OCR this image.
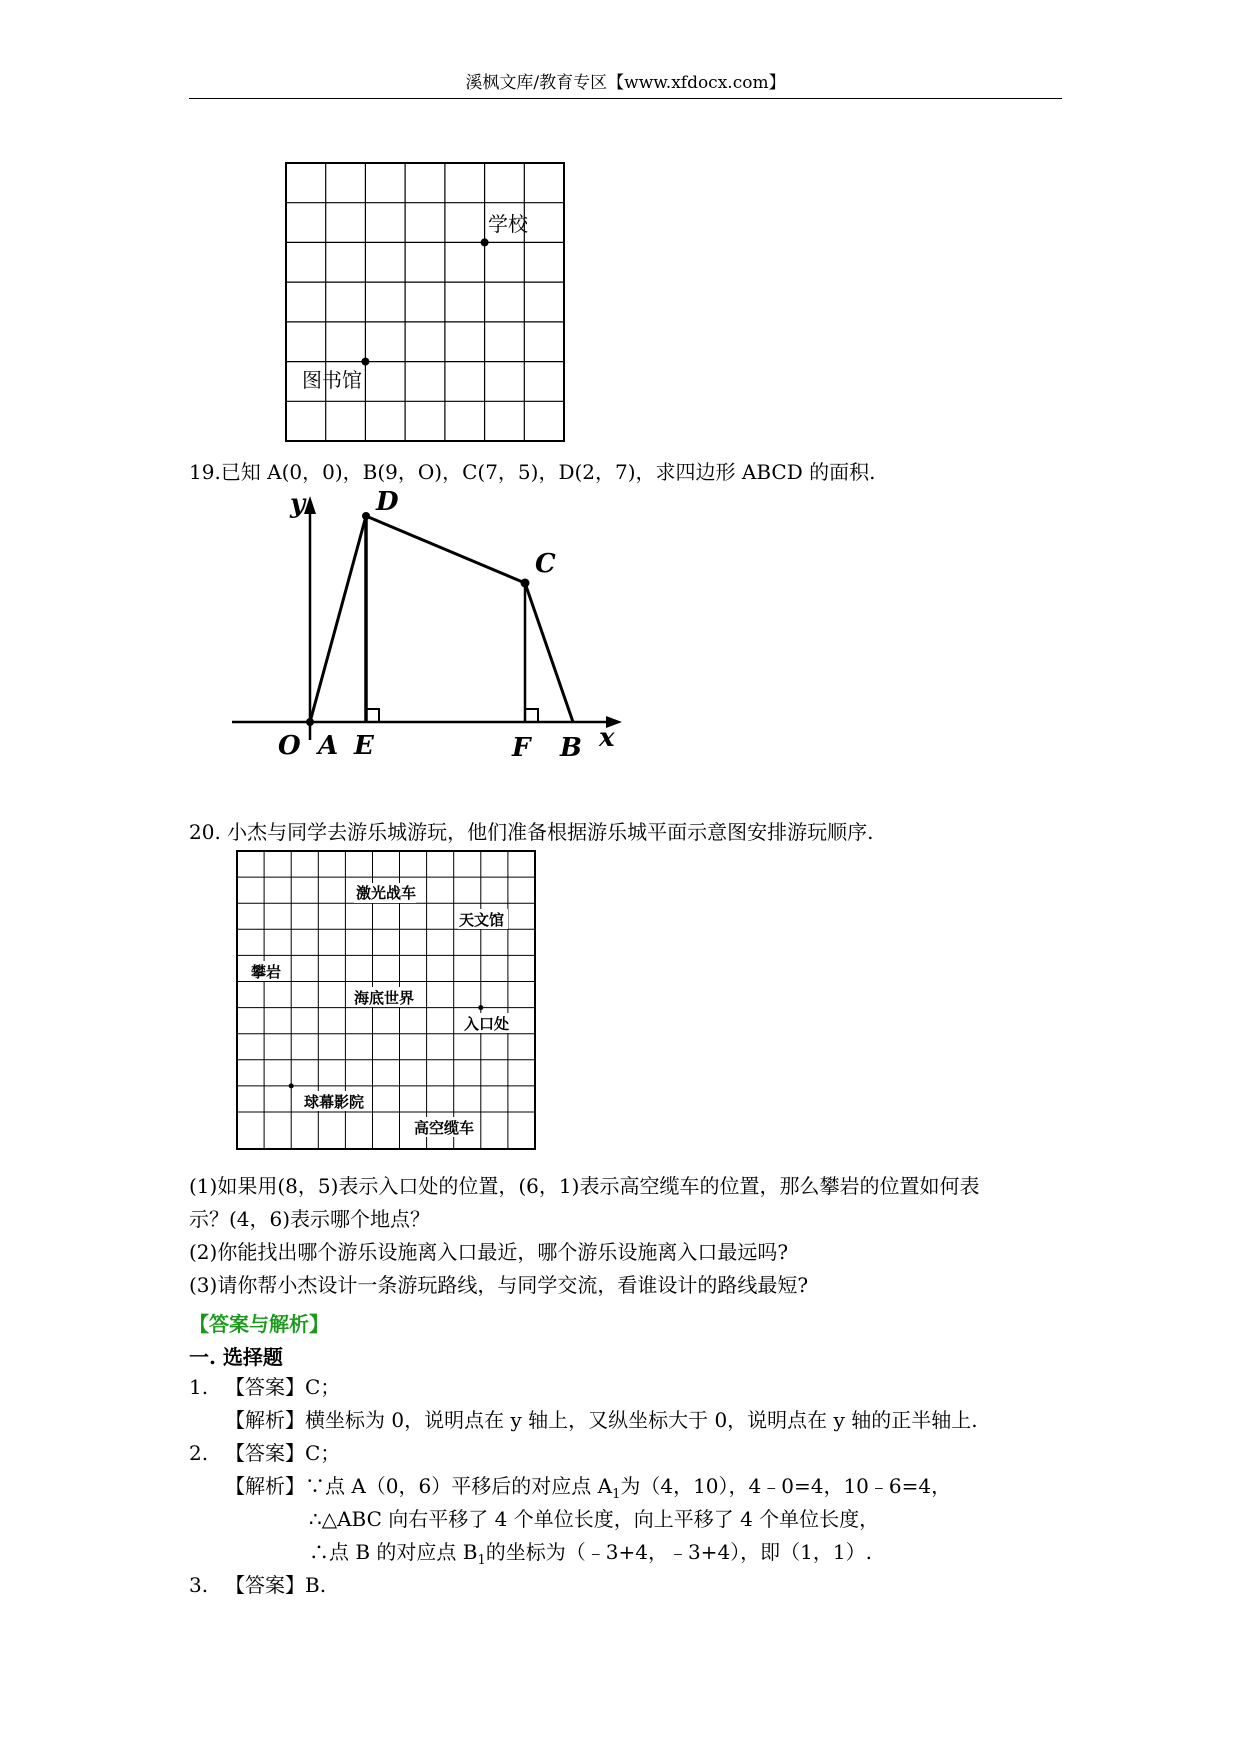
溪枫文库/教育专区【www.xfdocx.com】
学校
图书馆
19.已知 A(0，0)，B(9，O)，C(7，5)，D(2，7)，求四边形 ABCD 的面积.
y	D
C
O A E	F B x
20. 小杰与同学去游乐城游玩，他们准备根据游乐城平面示意图安排游玩顺序.
激光战车
天文馆
攀岩
海底世界
入口处
球幕影院
高空缆车
(1)如果用(8，5)表示入口处的位置，(6，1)表示高空缆车的位置，那么攀岩的位置如何表
示？(4，6)表示哪个地点？
(2)你能找出哪个游乐设施离入口最近，哪个游乐设施离入口最远吗?
(3)请你帮小杰设计一条游玩路线，与同学交流，看谁设计的路线最短?
【答案与解析】
一. 选择题
1. 【答案】C；
【解析】横坐标为 0，说明点在 y 轴上，又纵坐标大于 0，说明点在 y 轴的正半轴上.
2. 【答案】C；
【解析】∵点 A（0，6）平移后的对应点 $A_1$为（4，10），4﹣0=4，10﹣6=4，
∴△ABC 向右平移了 4 个单位长度，向上平移了 4 个单位长度，
∴点 B 的对应点 $B_1$的坐标为（﹣3+4，﹣3+4），即（1，1）.
3. 【答案】B.
